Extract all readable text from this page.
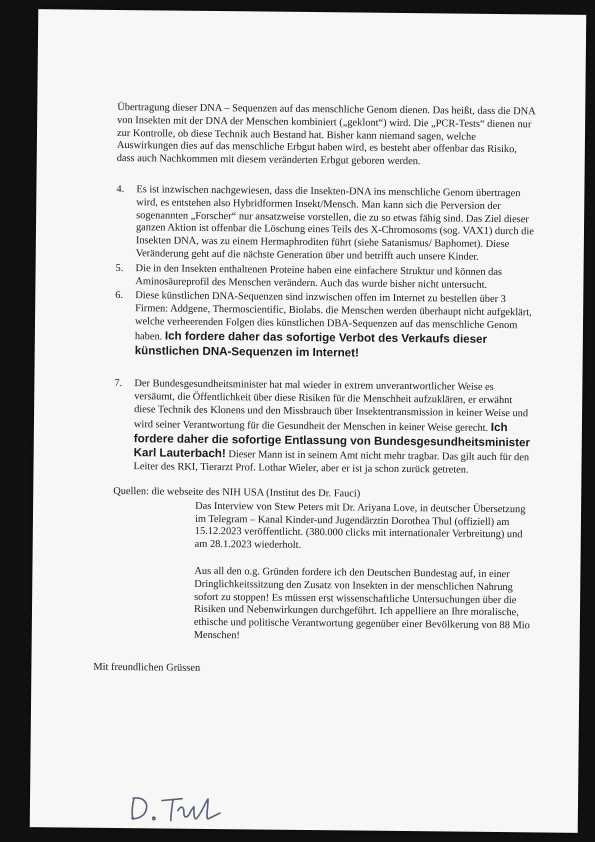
Übertragung dieser DNA – Sequenzen auf das menschliche Genom dienen. Das heißt, dass die DNA von Insekten mit der DNA der Menschen kombiniert („geklont“) wird. Die „PCR-Tests“ dienen nur zur Kontrolle, ob diese Technik auch Bestand hat. Bisher kann niemand sagen, welche Auswirkungen dies auf das menschliche Erbgut haben wird, es besteht aber offenbar das Risiko, dass auch Nachkommen mit diesem veränderten Erbgut geboren werden.

4. Es ist inzwischen nachgewiesen, dass die Insekten-DNA ins menschliche Genom übertragen wird, es entstehen also Hybridformen Insekt/Mensch. Man kann sich die Perversion der sogenannten „Forscher“ nur ansatzweise vorstellen, die zu so etwas fähig sind. Das Ziel dieser ganzen Aktion ist offenbar die Löschung eines Teils des X-Chromosoms (sog. VAX1) durch die Insekten DNA, was zu einem Hermaphroditen führt (siehe Satanismus/ Baphomet). Diese Veränderung geht auf die nächste Generation über und betrifft auch unsere Kinder.
5. Die in den Insekten enthaltenen Proteine haben eine einfachere Struktur und können das Aminosäureprofil des Menschen verändern. Auch das wurde bisher nicht untersucht.
6. Diese künstlichen DNA-Sequenzen sind inzwischen offen im Internet zu bestellen über 3 Firmen: Addgene, Thermoscientific, Biolabs. die Menschen werden überhaupt nicht aufgeklärt, welche verheerenden Folgen dies künstlichen DBA-Sequenzen auf das menschliche Genom haben. Ich fordere daher das sofortige Verbot des Verkaufs dieser künstlichen DNA-Sequenzen im Internet!
7. Der Bundesgesundheitsminister hat mal wieder in extrem unverantwortlicher Weise es versäumt, die Öffentlichkeit über diese Risiken für die Menschheit aufzuklären, er erwähnt diese Technik des Klonens und den Missbrauch über Insektentransmission in keiner Weise und wird seiner Verantwortung für die Gesundheit der Menschen in keiner Weise gerecht. Ich fordere daher die sofortige Entlassung von Bundesgesundheitsminister Karl Lauterbach! Dieser Mann ist in seinem Amt nicht mehr tragbar. Das gilt auch für den Leiter des RKI, Tierarzt Prof. Lothar Wieler, aber er ist ja schon zurück getreten.

Quellen: die webseite des NIH USA (Institut des Dr. Fauci)

Das Interview von Stew Peters mit Dr. Ariyana Love, in deutscher Übersetzung im Telegram – Kanal Kinder-und Jugendärztin Dorothea Thul (offiziell) am 15.12.2023 veröffentlicht. (380.000 clicks mit internationaler Verbreitung) und am 28.1.2023 wiederholt.

Aus all den o.g. Gründen fordere ich den Deutschen Bundestag auf, in einer Dringlichkeitssitzung den Zusatz von Insekten in der menschlichen Nahrung sofort zu stoppen! Es müssen erst wissenschaftliche Untersuchungen über die Risiken und Nebenwirkungen durchgeführt. Ich appelliere an Ihre moralische, ethische und politische Verantwortung gegenüber einer Bevölkerung von 88 Mio Menschen!

Mit freundlichen Grüssen
